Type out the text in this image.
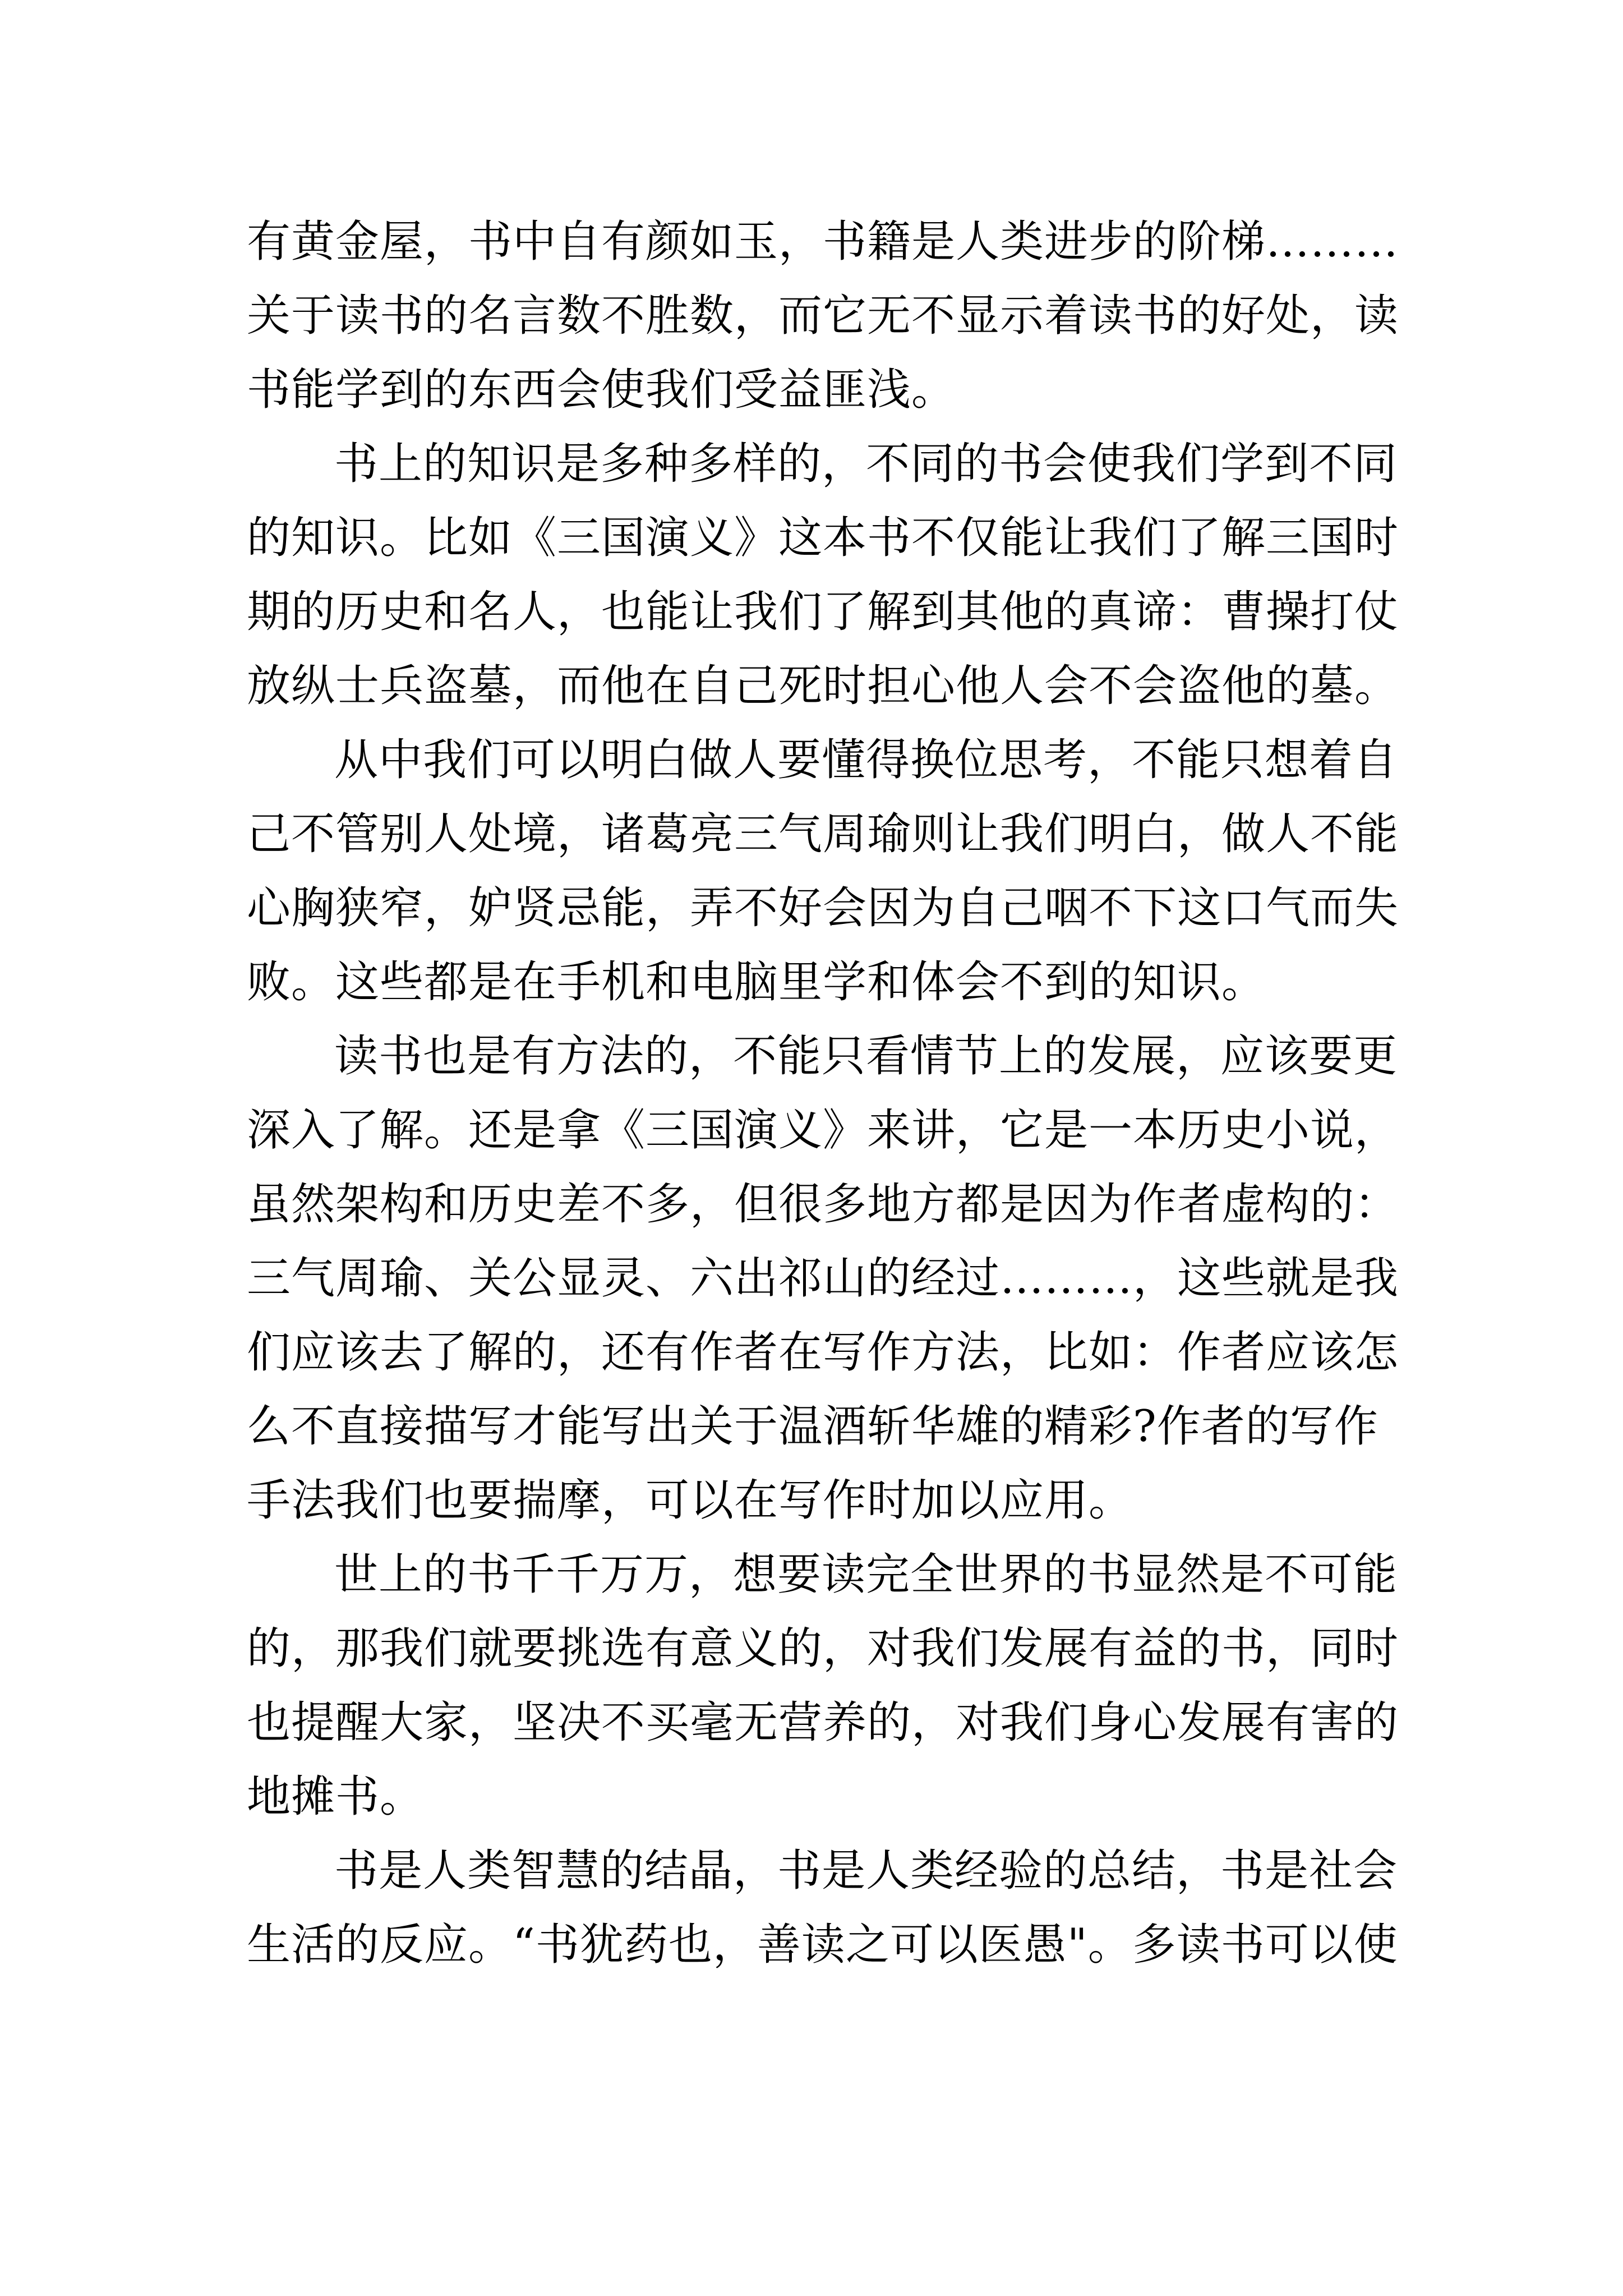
有黄金屋，书中自有颜如玉，书籍是人类进步的阶梯………
关于读书的名言数不胜数，而它无不显示着读书的好处，读
书能学到的东西会使我们受益匪浅。
书上的知识是多种多样的，不同的书会使我们学到不同
的知识。比如《三国演义》这本书不仅能让我们了解三国时
期的历史和名人，也能让我们了解到其他的真谛：曹操打仗
放纵士兵盗墓，而他在自己死时担心他人会不会盗他的墓。
从中我们可以明白做人要懂得换位思考，不能只想着自
己不管别人处境，诸葛亮三气周瑜则让我们明白，做人不能
心胸狭窄，妒贤忌能，弄不好会因为自己咽不下这口气而失
败。这些都是在手机和电脑里学和体会不到的知识。
读书也是有方法的，不能只看情节上的发展，应该要更
深入了解。还是拿《三国演义》来讲，它是一本历史小说，
虽然架构和历史差不多，但很多地方都是因为作者虚构的：
三气周瑜、关公显灵、六出祁山的经过………，这些就是我
们应该去了解的，还有作者在写作方法，比如：作者应该怎
么不直接描写才能写出关于温酒斩华雄的精彩?作者的写作
手法我们也要揣摩，可以在写作时加以应用。
世上的书千千万万，想要读完全世界的书显然是不可能
的，那我们就要挑选有意义的，对我们发展有益的书，同时
也提醒大家，坚决不买毫无营养的，对我们身心发展有害的
地摊书。
书是人类智慧的结晶，书是人类经验的总结，书是社会
生活的反应。“书犹药也，善读之可以医愚"。多读书可以使
